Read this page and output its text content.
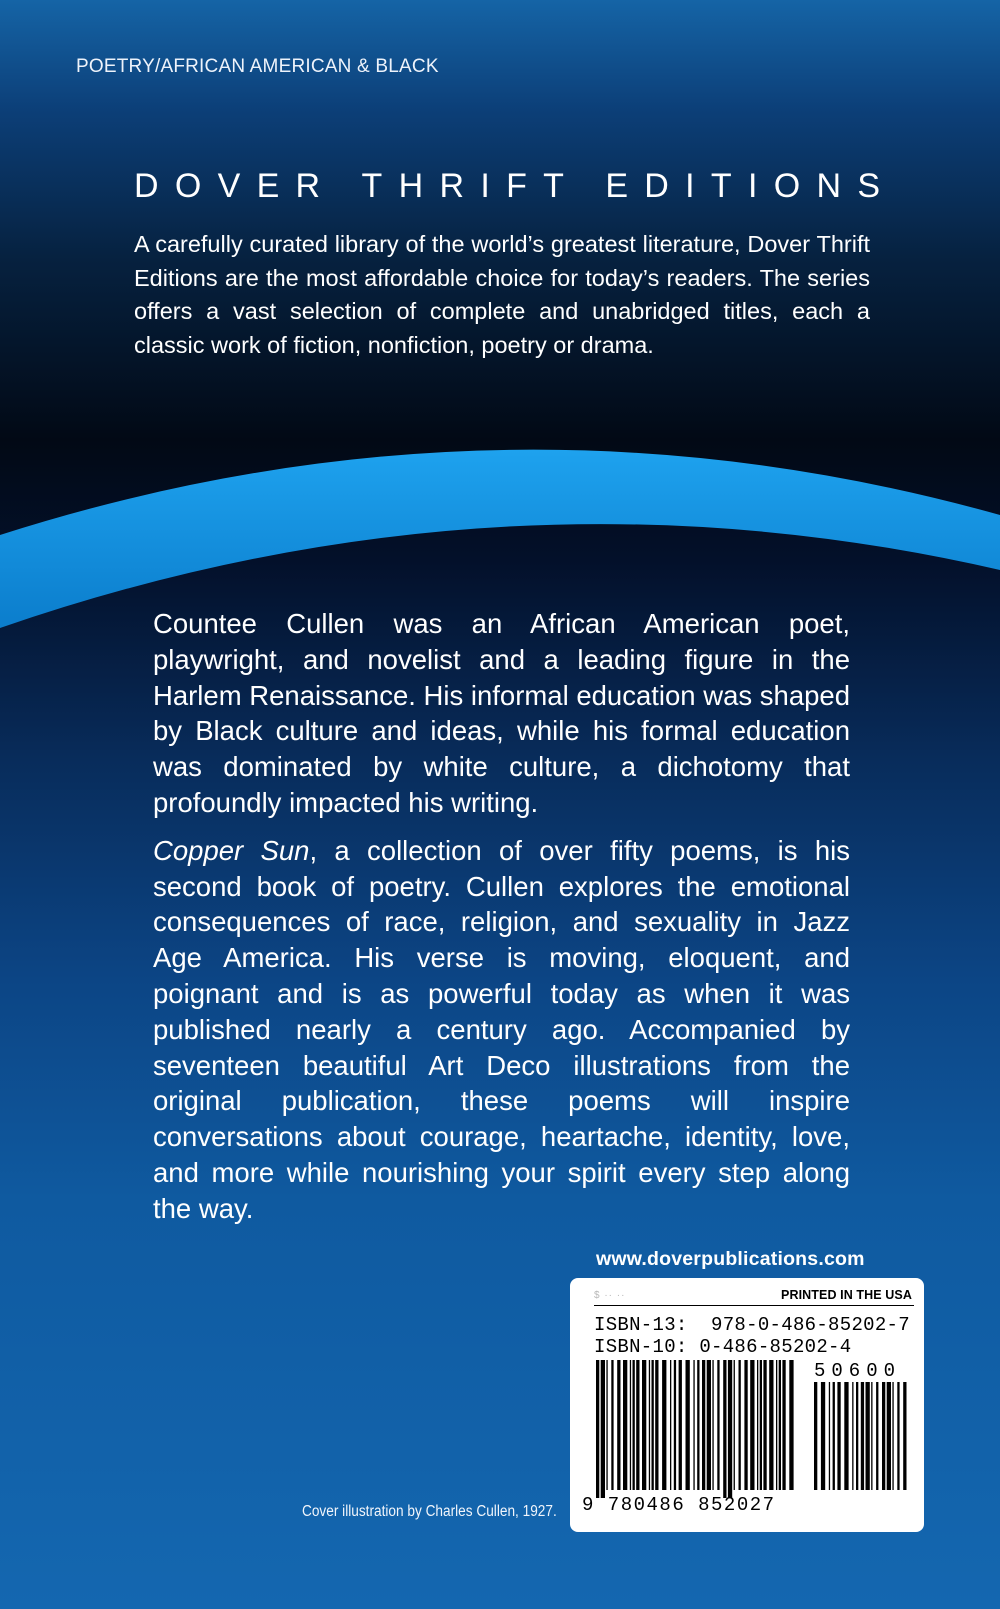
POETRY/AFRICAN AMERICAN & BLACK
DOVER THRIFT EDITIONS
A carefully curated library of the world’s greatest literature, Dover Thrift Editions are the most affordable choice for today’s readers. The series offers a vast selection of complete and unabridged titles, each a classic work of fiction, nonfiction, poetry or drama.

Countee Cullen was an African American poet, playwright, and novelist and a leading figure in the Harlem Renaissance. His informal education was shaped by Black culture and ideas, while his formal education was dominated by white culture, a dichotomy that profoundly impacted his writing.

Copper Sun, a collection of over fifty poems, is his second book of poetry. Cullen explores the emotional consequences of race, religion, and sexuality in Jazz Age America. His verse is moving, eloquent, and poignant and is as powerful today as when it was published nearly a century ago. Accompanied by seventeen beautiful Art Deco illustrations from the original publication, these poems will inspire conversations about courage, heartache, identity, love, and more while nourishing your spirit every step along the way.

www.doverpublications.com
$ ·· ··	PRINTED IN THE USA
ISBN-13: 978-0-486-85202-7
ISBN-10: 0-486-85202-4
50600
9 780486 852027
Cover illustration by Charles Cullen, 1927.
